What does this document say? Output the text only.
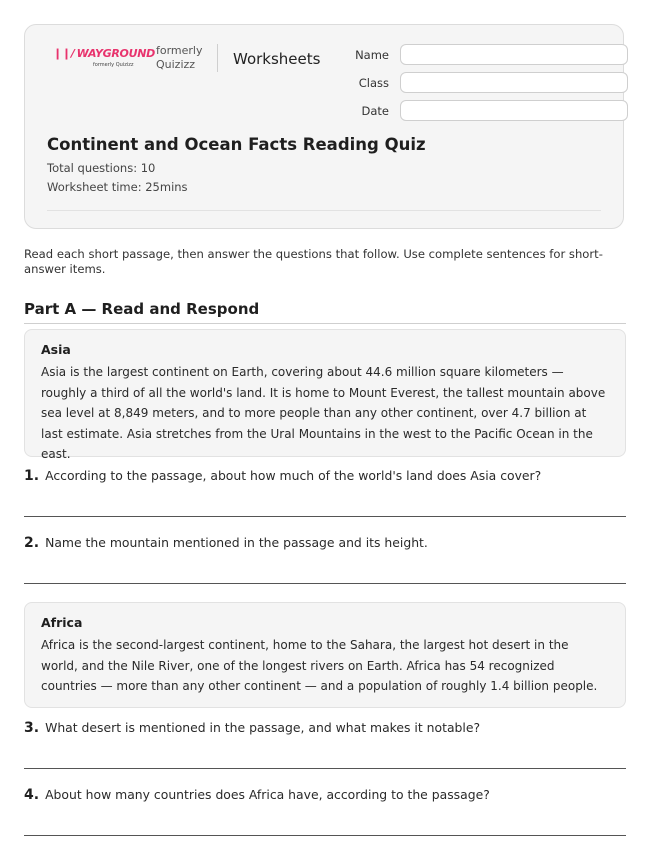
❙❙/ WAYGROUND
formerly Quizizz
formerly
Quizizz	Worksheets	Name
Class
Date
Continent and Ocean Facts Reading Quiz
Total questions: 10
Worksheet time: 25mins
Read each short passage, then answer the questions that follow. Use complete sentences for short-answer items.
Part A — Read and Respond
Asia
Asia is the largest continent on Earth, covering about 44.6 million square kilometers — roughly a third of all the world's land. It is home to Mount Everest, the tallest mountain above sea level at 8,849 meters, and to more people than any other continent, over 4.7 billion at last estimate. Asia stretches from the Ural Mountains in the west to the Pacific Ocean in the east.
1. According to the passage, about how much of the world's land does Asia cover?
2. Name the mountain mentioned in the passage and its height.
Africa
Africa is the second-largest continent, home to the Sahara, the largest hot desert in the world, and the Nile River, one of the longest rivers on Earth. Africa has 54 recognized countries — more than any other continent — and a population of roughly 1.4 billion people.
3. What desert is mentioned in the passage, and what makes it notable?
4. About how many countries does Africa have, according to the passage?
